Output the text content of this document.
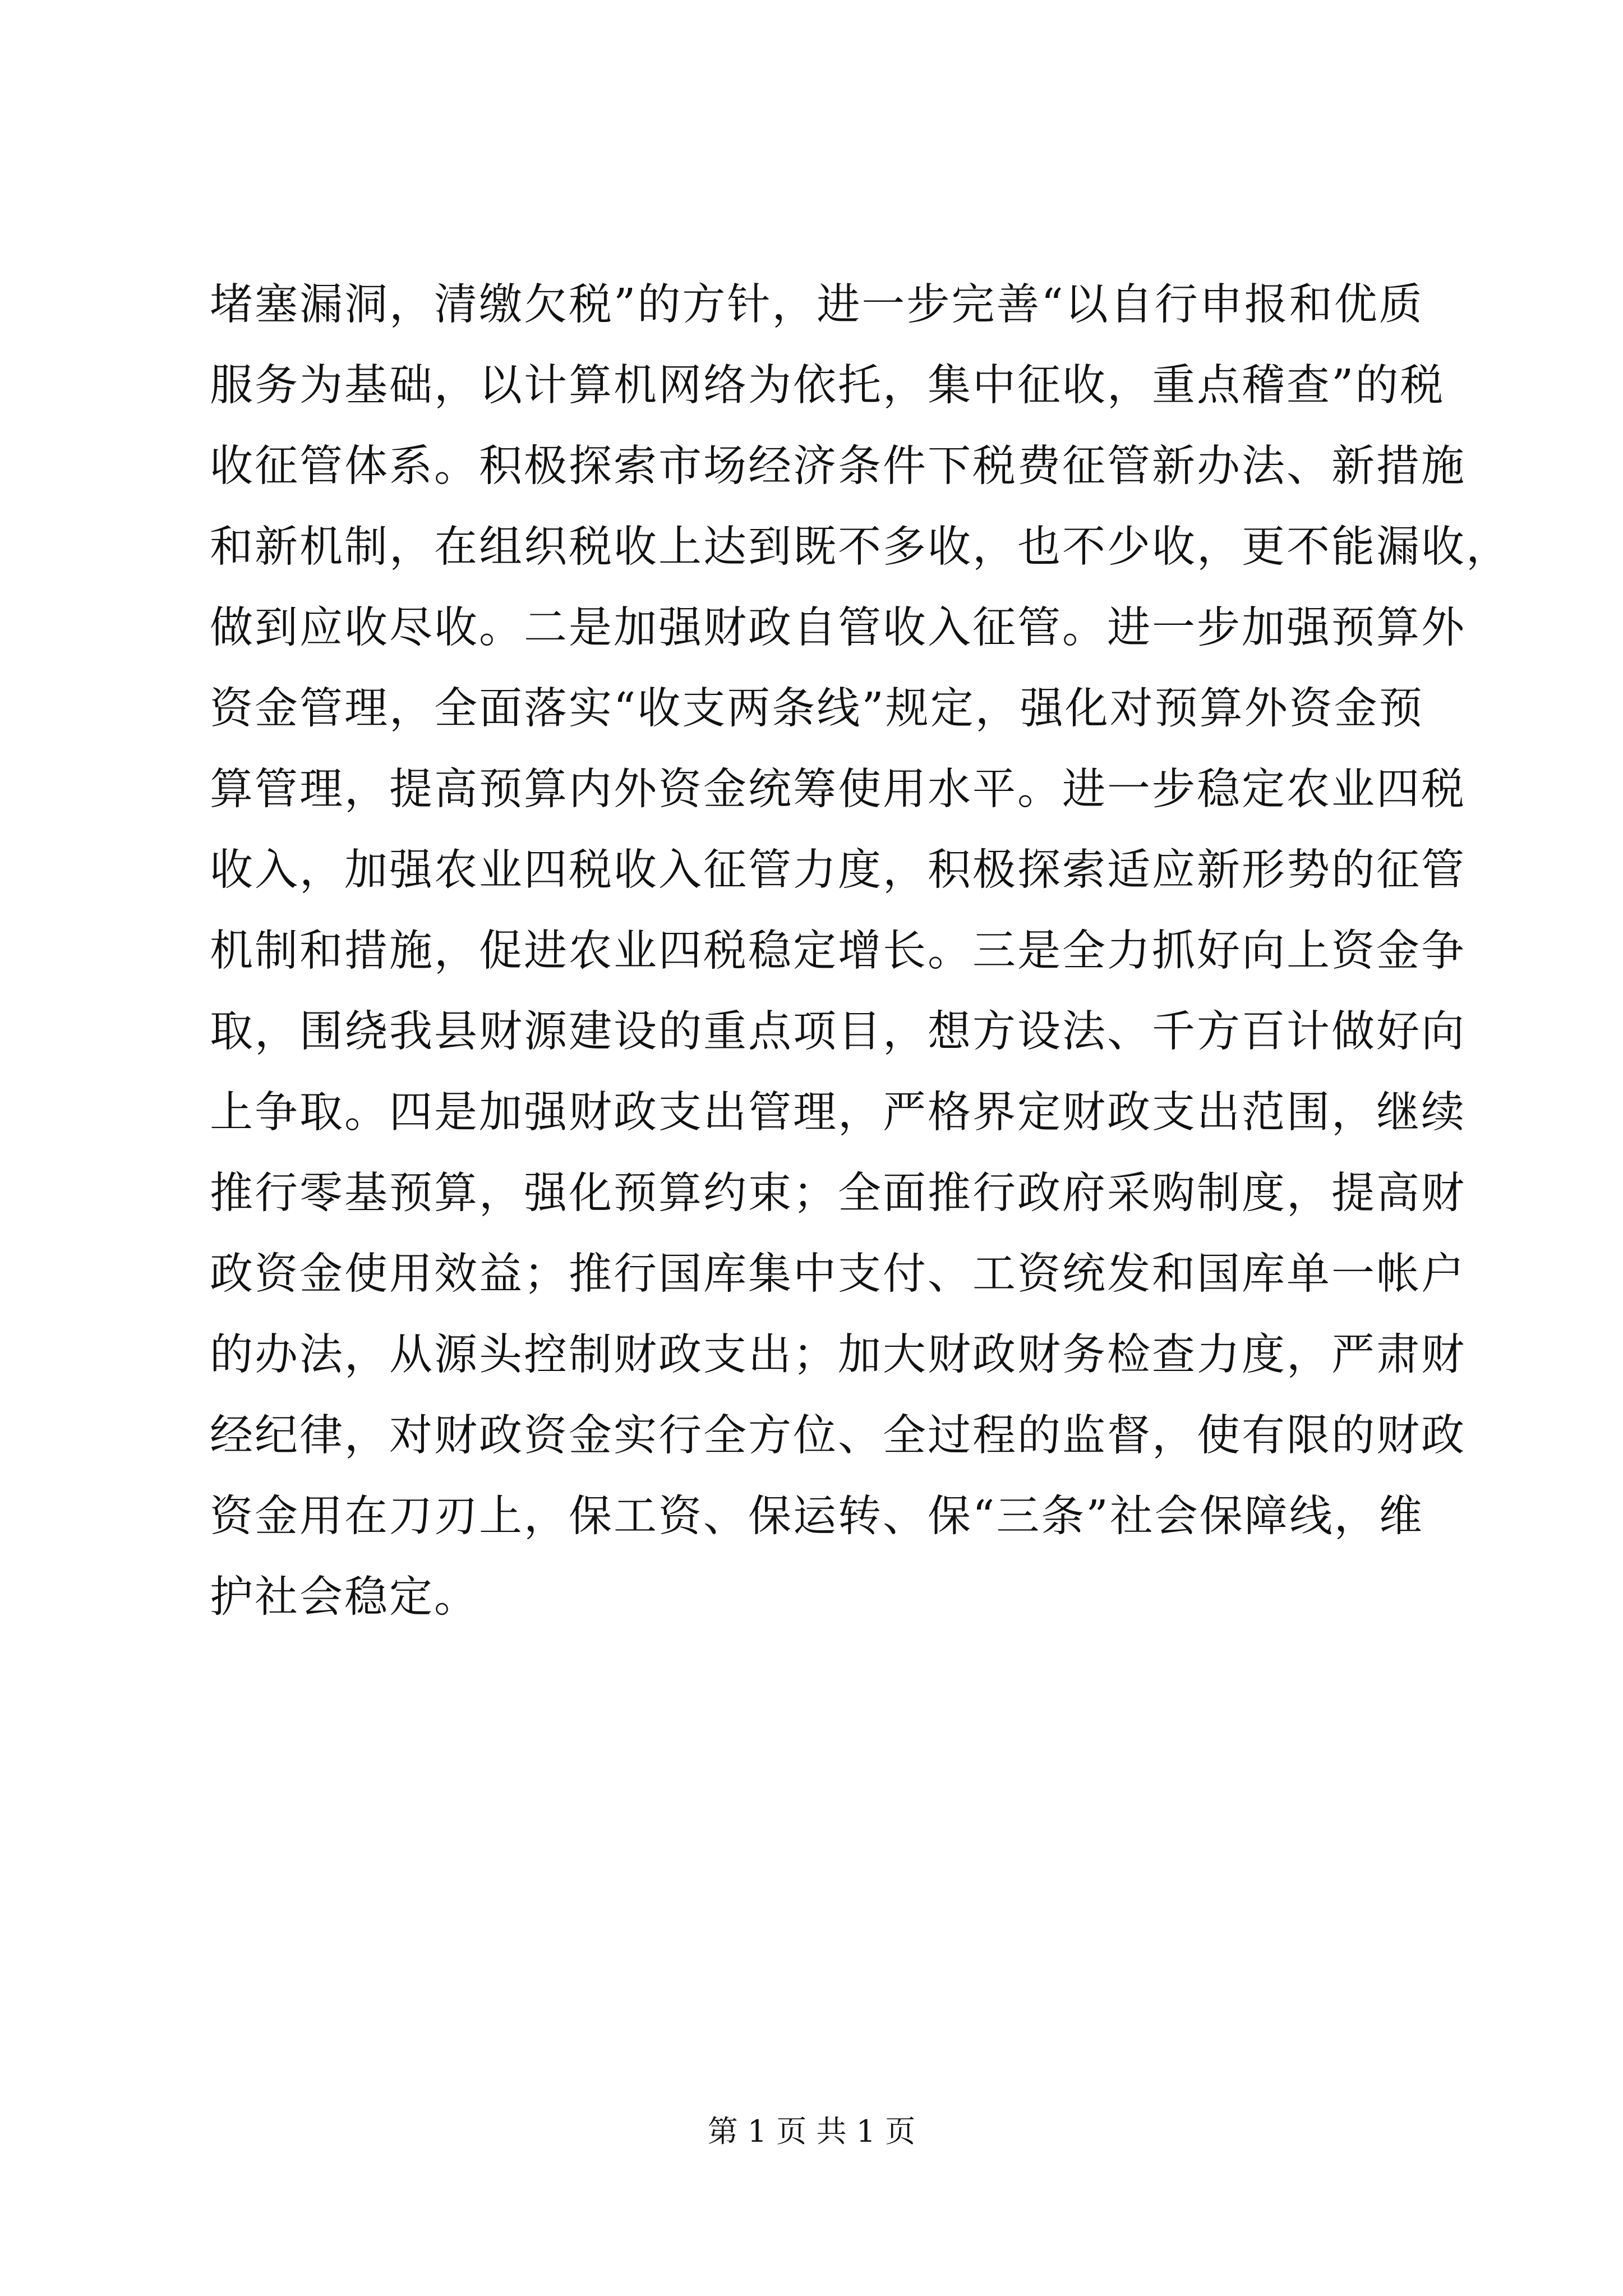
堵塞漏洞，清缴欠税”的方针，进一步完善“以自行申报和优质
服务为基础，以计算机网络为依托，集中征收，重点稽查”的税
收征管体系。积极探索市场经济条件下税费征管新办法、新措施
和新机制，在组织税收上达到既不多收，也不少收，更不能漏收，
做到应收尽收。二是加强财政自管收入征管。进一步加强预算外
资金管理，全面落实“收支两条线”规定，强化对预算外资金预
算管理，提高预算内外资金统筹使用水平。进一步稳定农业四税
收入，加强农业四税收入征管力度，积极探索适应新形势的征管
机制和措施，促进农业四税稳定增长。三是全力抓好向上资金争
取，围绕我县财源建设的重点项目，想方设法、千方百计做好向
上争取。四是加强财政支出管理，严格界定财政支出范围，继续
推行零基预算，强化预算约束；全面推行政府采购制度，提高财
政资金使用效益；推行国库集中支付、工资统发和国库单一帐户
的办法，从源头控制财政支出；加大财政财务检查力度，严肃财
经纪律，对财政资金实行全方位、全过程的监督，使有限的财政
资金用在刀刃上，保工资、保运转、保“三条”社会保障线，维
护社会稳定。
第 1 页 共 1 页
